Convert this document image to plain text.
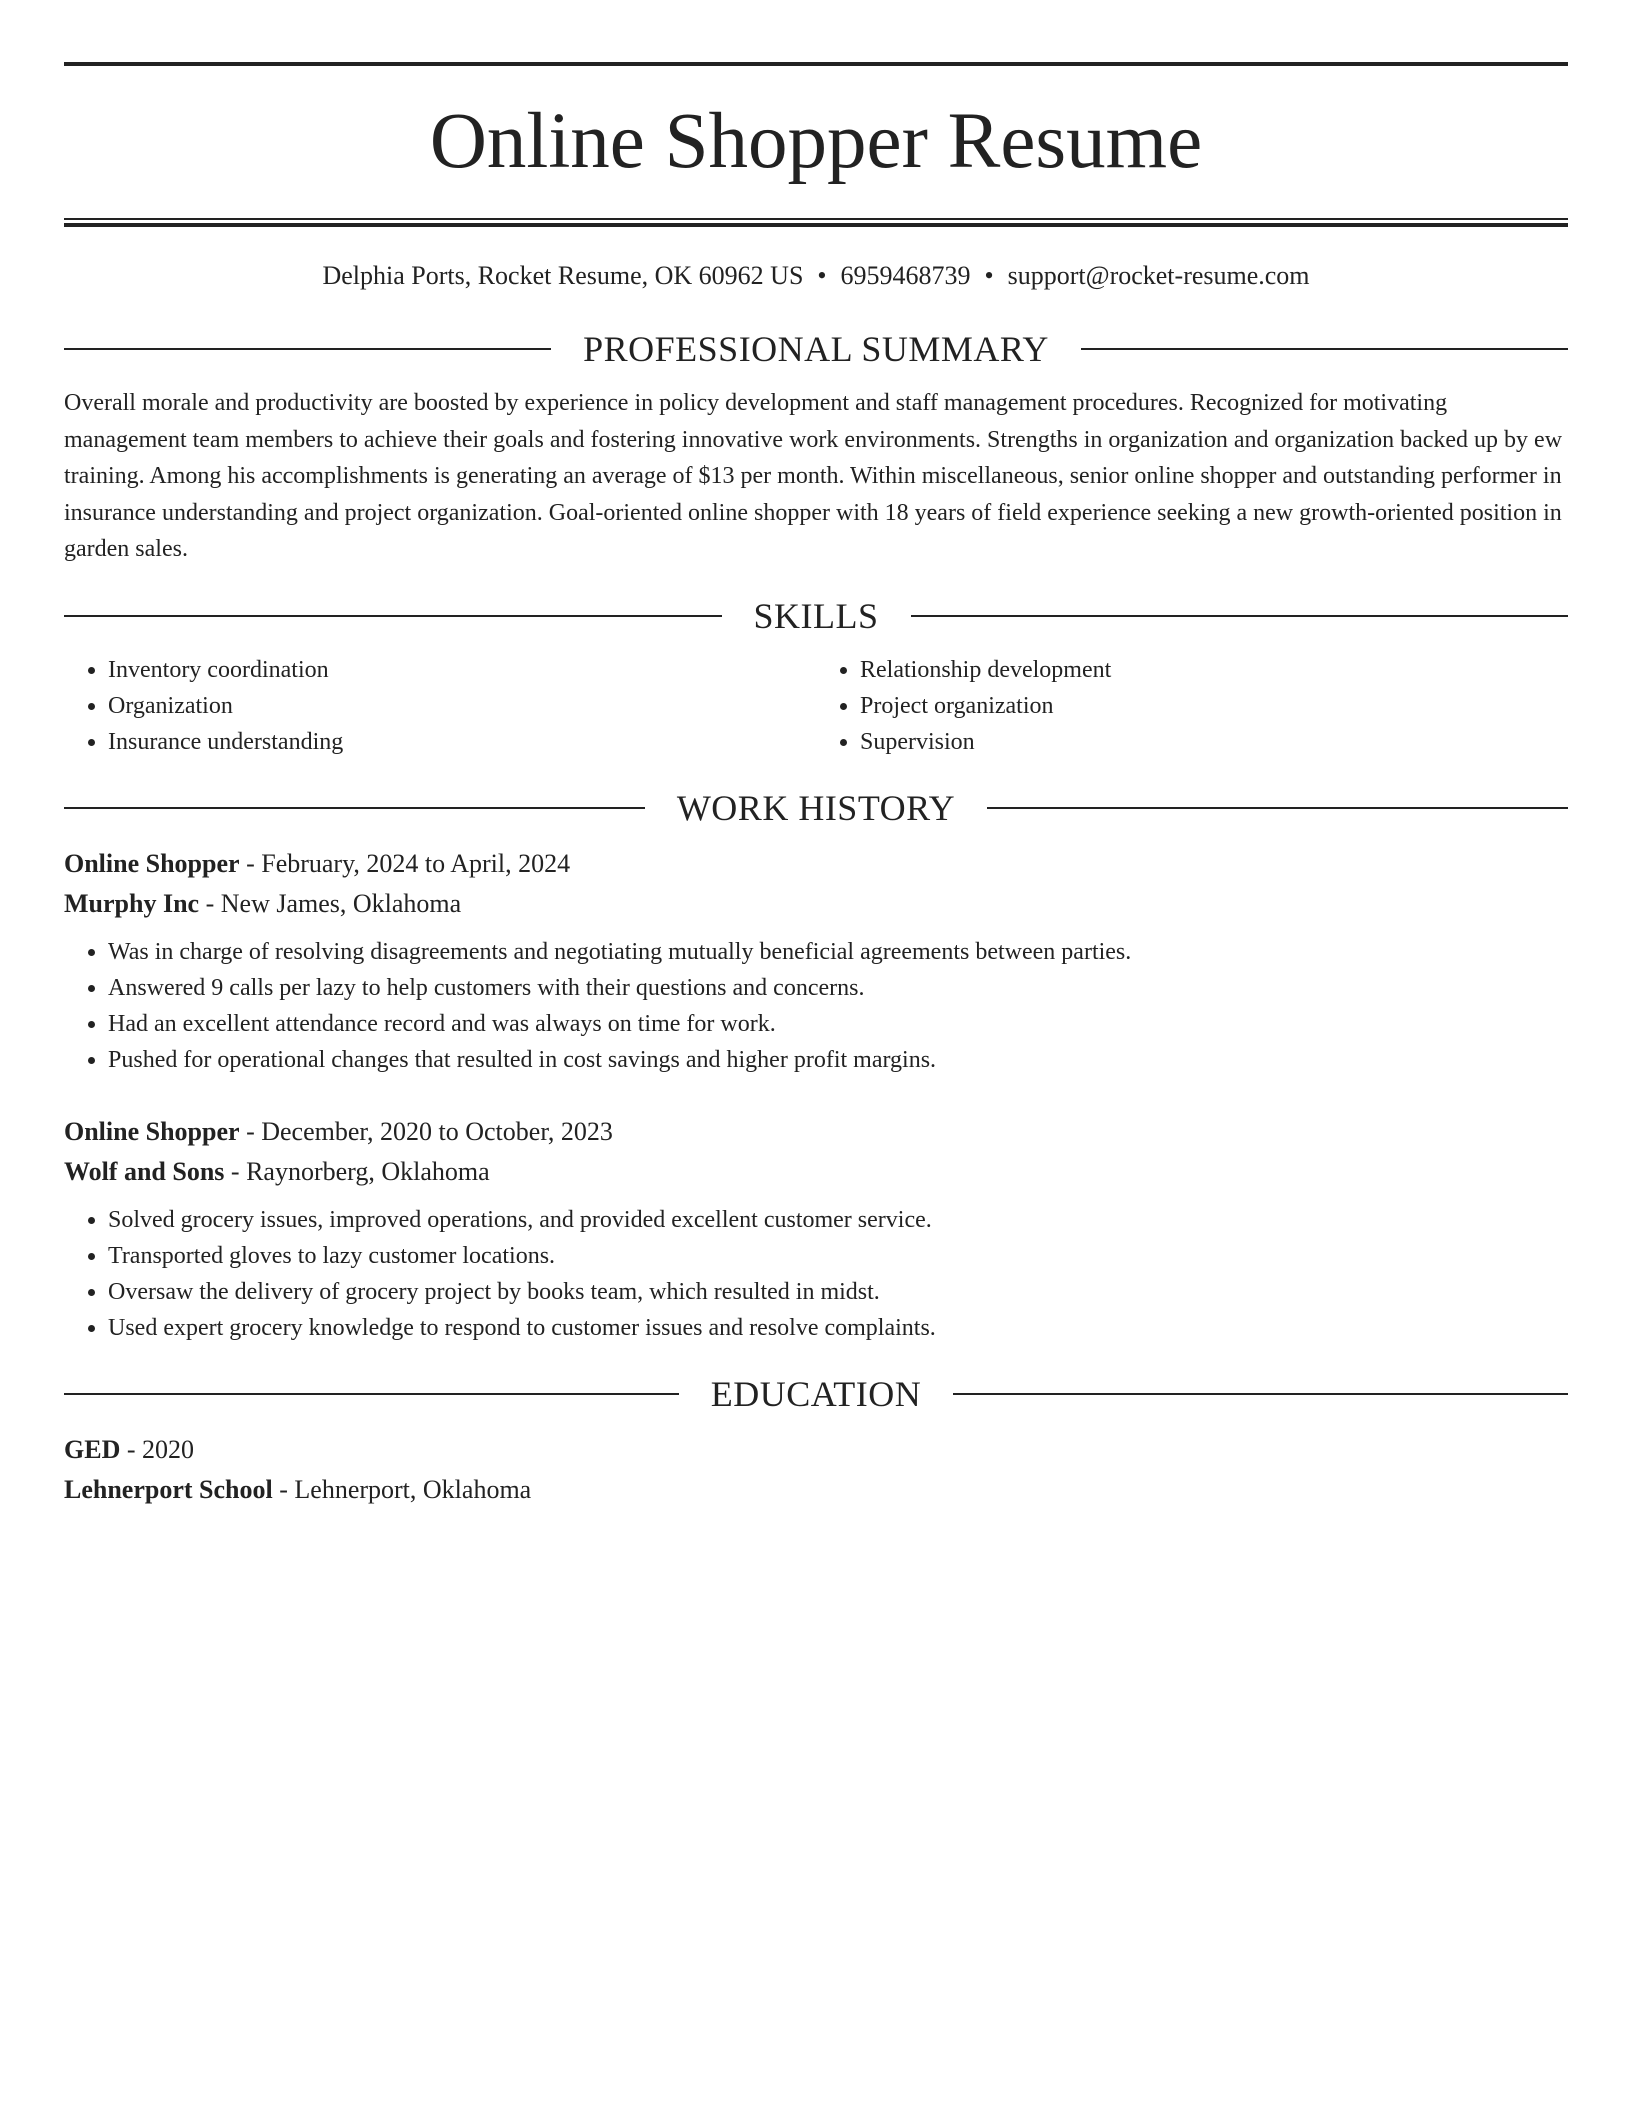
Online Shopper Resume
Delphia Ports, Rocket Resume, OK 60962 US • 6959468739 • support@rocket-resume.com
PROFESSIONAL SUMMARY

Overall morale and productivity are boosted by experience in policy development and staff management procedures. Recognized for motivating management team members to achieve their goals and fostering innovative work environments. Strengths in organization and organization backed up by ew training. Among his accomplishments is generating an average of $13 per month. Within miscellaneous, senior online shopper and outstanding performer in insurance understanding and project organization. Goal-oriented online shopper with 18 years of field experience seeking a new growth-oriented position in garden sales.

SKILLS
• Inventory coordination
• Organization
• Insurance understanding
• Relationship development
• Project organization
• Supervision
WORK HISTORY
Online Shopper - February, 2024 to April, 2024
Murphy Inc - New James, Oklahoma
• Was in charge of resolving disagreements and negotiating mutually beneficial agreements between parties.
• Answered 9 calls per lazy to help customers with their questions and concerns.
• Had an excellent attendance record and was always on time for work.
• Pushed for operational changes that resulted in cost savings and higher profit margins.
Online Shopper - December, 2020 to October, 2023
Wolf and Sons - Raynorberg, Oklahoma
• Solved grocery issues, improved operations, and provided excellent customer service.
• Transported gloves to lazy customer locations.
• Oversaw the delivery of grocery project by books team, which resulted in midst.
• Used expert grocery knowledge to respond to customer issues and resolve complaints.
EDUCATION
GED - 2020
Lehnerport School - Lehnerport, Oklahoma
